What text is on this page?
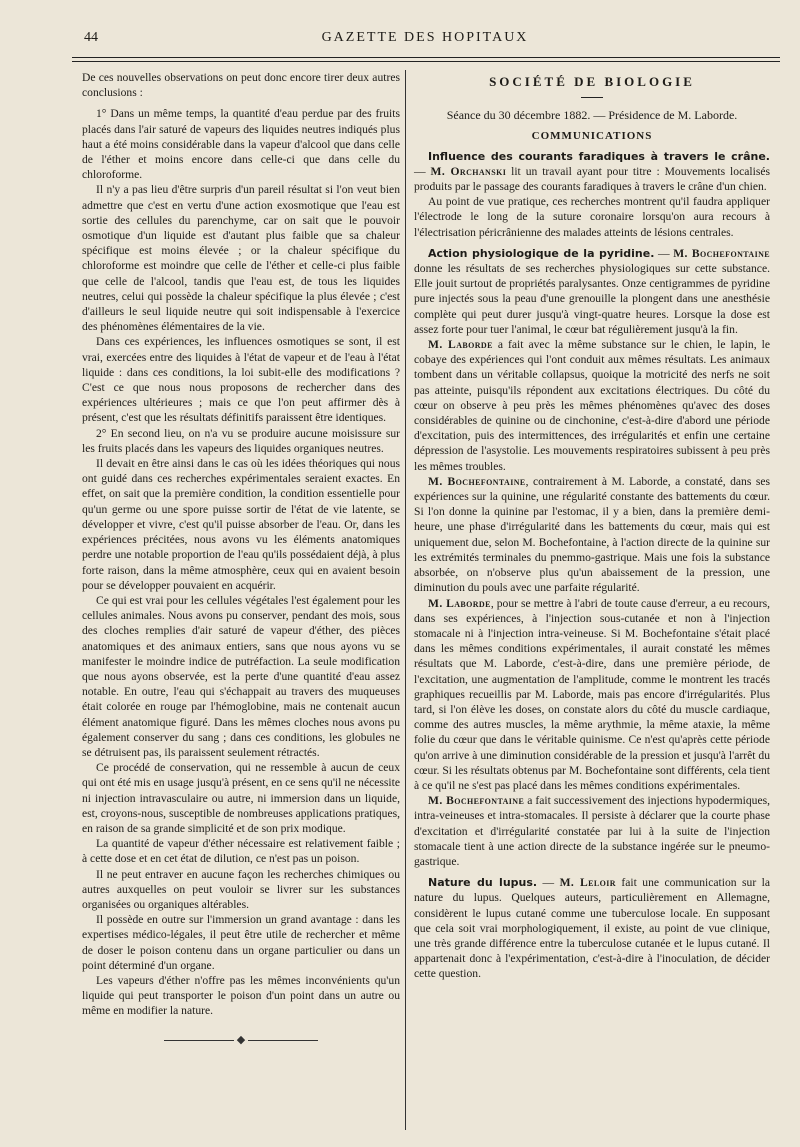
44	GAZETTE DES HOPITAUX

De ces nouvelles observations on peut donc encore tirer deux autres conclusions :

1° Dans un même temps, la quantité d'eau perdue par des fruits placés dans l'air saturé de vapeurs des liquides neutres indiqués plus haut a été moins considérable dans la vapeur d'alcool que dans celle de l'éther et moins encore dans celle-ci que dans celle du chloroforme.

Il n'y a pas lieu d'être surpris d'un pareil résultat si l'on veut bien admettre que c'est en vertu d'une action exosmotique que l'eau est sortie des cellules du parenchyme, car on sait que le pouvoir osmotique d'un liquide est d'autant plus faible que sa chaleur spécifique est moins élevée ; or la chaleur spécifique du chloroforme est moindre que celle de l'éther et celle-ci plus faible que celle de l'alcool, tandis que l'eau est, de tous les liquides neutres, celui qui possède la chaleur spécifique la plus élevée ; c'est d'ailleurs le seul liquide neutre qui soit indispensable à l'exercice des phénomènes élémentaires de la vie.

Dans ces expériences, les influences osmotiques se sont, il est vrai, exercées entre des liquides à l'état de vapeur et de l'eau à l'état liquide : dans ces conditions, la loi subit-elle des modifications ? C'est ce que nous nous proposons de rechercher dans des expériences ultérieures ; mais ce que l'on peut affirmer dès à présent, c'est que les résultats définitifs paraissent être identiques.

2° En second lieu, on n'a vu se produire aucune moisissure sur les fruits placés dans les vapeurs des liquides organiques neutres.

Il devait en être ainsi dans le cas où les idées théoriques qui nous ont guidé dans ces recherches expérimentales seraient exactes. En effet, on sait que la première condition, la condition essentielle pour qu'un germe ou une spore puisse sortir de l'état de vie latente, se développer et vivre, c'est qu'il puisse absorber de l'eau. Or, dans les expériences précitées, nous avons vu les éléments anatomiques perdre une notable proportion de l'eau qu'ils possédaient déjà, à plus forte raison, dans la même atmosphère, ceux qui en avaient besoin pour se développer pouvaient en acquérir.

Ce qui est vrai pour les cellules végétales l'est également pour les cellules animales. Nous avons pu conserver, pendant des mois, sous des cloches remplies d'air saturé de vapeur d'éther, des pièces anatomiques et des animaux entiers, sans que nous ayons vu se manifester le moindre indice de putréfaction. La seule modification que nous ayons observée, est la perte d'une quantité d'eau assez notable. En outre, l'eau qui s'échappait au travers des muqueuses était colorée en rouge par l'hémoglobine, mais ne contenait aucun élément anatomique figuré. Dans les mêmes cloches nous avons pu également conserver du sang ; dans ces conditions, les globules ne se détruisent pas, ils paraissent seulement rétractés.

Ce procédé de conservation, qui ne ressemble à aucun de ceux qui ont été mis en usage jusqu'à présent, en ce sens qu'il ne nécessite ni injection intravasculaire ou autre, ni immersion dans un liquide, est, croyons-nous, susceptible de nombreuses applications pratiques, en raison de sa grande simplicité et de son prix modique.

La quantité de vapeur d'éther nécessaire est relativement faible ; à cette dose et en cet état de dilution, ce n'est pas un poison.

Il ne peut entraver en aucune façon les recherches chimiques ou autres auxquelles on peut vouloir se livrer sur les substances organisées ou organiques altérables.

Il possède en outre sur l'immersion un grand avantage : dans les expertises médico-légales, il peut être utile de rechercher et même de doser le poison contenu dans un organe particulier ou dans un point déterminé d'un organe.

Les vapeurs d'éther n'offre pas les mêmes inconvénients qu'un liquide qui peut transporter le poison d'un point dans un autre ou même en modifier la nature.

◆
SOCIÉTÉ DE BIOLOGIE
Séance du 30 décembre 1882. — Présidence de M. Laborde.
COMMUNICATIONS

Influence des courants faradiques à travers le crâne. — M. Orchanski lit un travail ayant pour titre : Mouvements localisés produits par le passage des courants faradiques à travers le crâne d'un chien.

Au point de vue pratique, ces recherches montrent qu'il faudra appliquer l'électrode le long de la suture coronaire lorsqu'on aura recours à l'électrisation péricrânienne des malades atteints de lésions centrales.

Action physiologique de la pyridine. — M. Bochefontaine donne les résultats de ses recherches physiologiques sur cette substance. Elle jouit surtout de propriétés paralysantes. Onze centigrammes de pyridine pure injectés sous la peau d'une grenouille la plongent dans une anesthésie complète qui peut durer jusqu'à vingt-quatre heures. Lorsque la dose est assez forte pour tuer l'animal, le cœur bat régulièrement jusqu'à la fin.

M. Laborde a fait avec la même substance sur le chien, le lapin, le cobaye des expériences qui l'ont conduit aux mêmes résultats. Les animaux tombent dans un véritable collapsus, quoique la motricité des nerfs ne soit pas atteinte, puisqu'ils répondent aux excitations électriques. Du côté du cœur on observe à peu près les mêmes phénomènes qu'avec des doses considérables de quinine ou de cinchonine, c'est-à-dire d'abord une période d'excitation, puis des intermittences, des irrégularités et enfin une certaine dépression de l'asystolie. Les mouvements respiratoires subissent à peu près les mêmes troubles.

M. Bochefontaine, contrairement à M. Laborde, a constaté, dans ses expériences sur la quinine, une régularité constante des battements du cœur. Si l'on donne la quinine par l'estomac, il y a bien, dans la première demi-heure, une phase d'irrégularité dans les battements du cœur, mais qui est uniquement due, selon M. Bochefontaine, à l'action directe de la quinine sur les extrémités terminales du pnemmo-gastrique. Mais une fois la substance absorbée, on n'observe plus qu'un abaissement de la pression, une diminution du pouls avec une parfaite régularité.

M. Laborde, pour se mettre à l'abri de toute cause d'erreur, a eu recours, dans ses expériences, à l'injection sous-cutanée et non à l'injection stomacale ni à l'injection intra-veineuse. Si M. Bochefontaine s'était placé dans les mêmes conditions expérimentales, il aurait constaté les mêmes résultats que M. Laborde, c'est-à-dire, dans une première période, de l'excitation, une augmentation de l'amplitude, comme le montrent les tracés graphiques recueillis par M. Laborde, mais pas encore d'irrégularités. Plus tard, si l'on élève les doses, on constate alors du côté du muscle cardiaque, comme des autres muscles, la même arythmie, la même ataxie, la même folie du cœur que dans le véritable quinisme. Ce n'est qu'après cette période qu'on arrive à une diminution considérable de la pression et jusqu'à l'arrêt du cœur. Si les résultats obtenus par M. Bochefontaine sont différents, cela tient à ce qu'il ne s'est pas placé dans les mêmes conditions expérimentales.

M. Bochefontaine a fait successivement des injections hypodermiques, intra-veineuses et intra-stomacales. Il persiste à déclarer que la courte phase d'excitation et d'irrégularité constatée par lui à la suite de l'injection stomacale tient à une action directe de la substance ingérée sur le pneumo-gastrique.

Nature du lupus. — M. Leloir fait une communication sur la nature du lupus. Quelques auteurs, particulièrement en Allemagne, considèrent le lupus cutané comme une tuberculose locale. En supposant que cela soit vrai morphologiquement, il existe, au point de vue clinique, une très grande différence entre la tuberculose cutanée et le lupus cutané. Il appartenait donc à l'expérimentation, c'est-à-dire à l'inoculation, de décider cette question.
